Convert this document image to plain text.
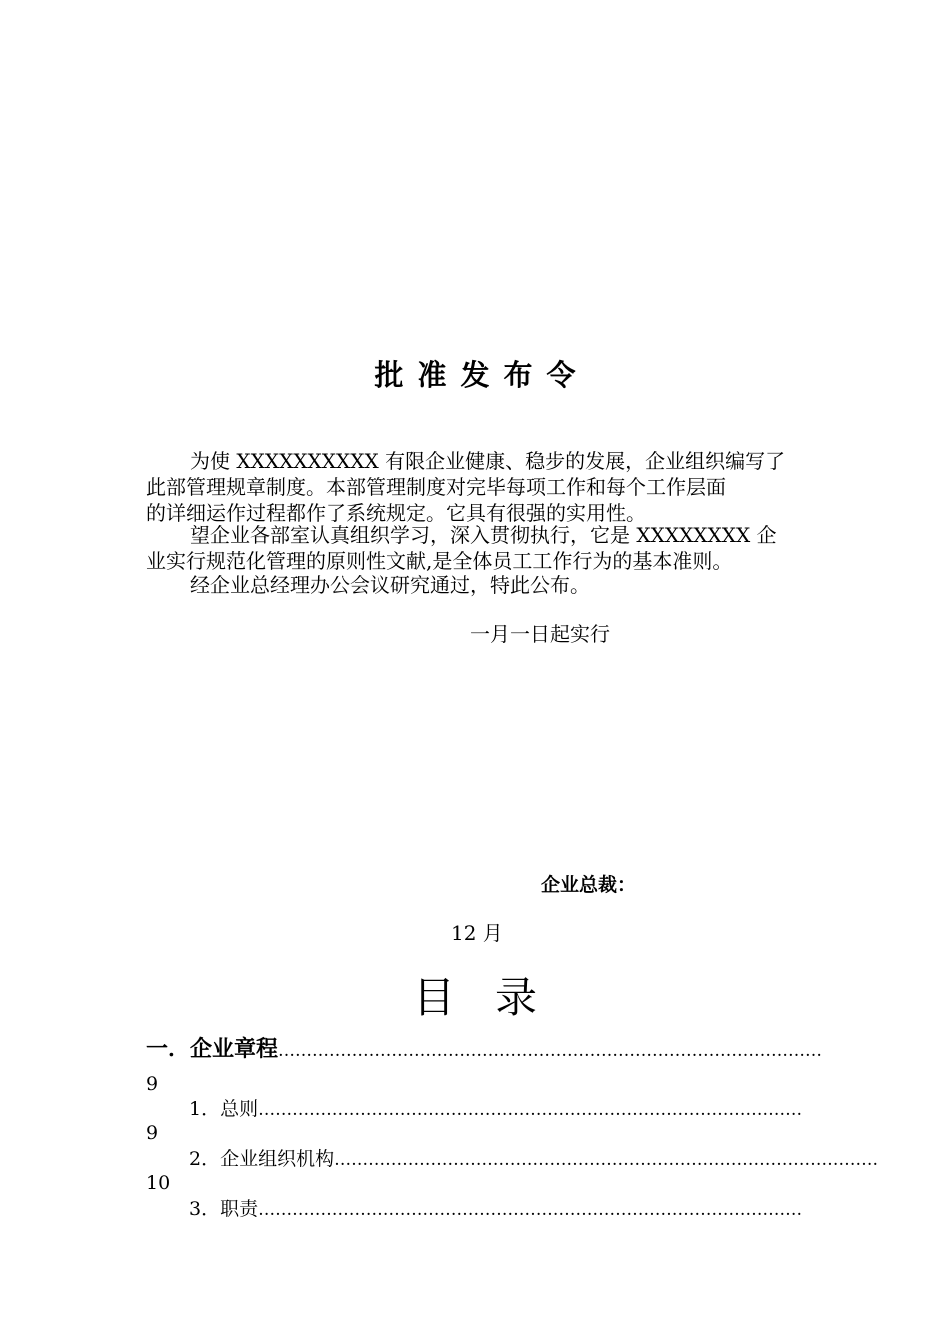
批准发布令
为使 XXXXXXXXXX 有限企业健康、稳步的发展，企业组织编写了
此部管理规章制度。本部管理制度对完毕每项工作和每个工作层面
的详细运作过程都作了系统规定。它具有很强的实用性。
望企业各部室认真组织学习，深入贯彻执行，它是 XXXXXXXX 企
业实行规范化管理的原则性文献,是全体员工工作行为的基本准则。
经企业总经理办公会议研究通过，特此公布。
一月一日起实行
企业总裁：
12 月
目录
一．企业章程 ……………………………………………………………………………………
9
1．总则 ……………………………………………………………………………………
9
2．企业组织机构 ……………………………………………………………………………………
10
3．职责 ……………………………………………………………………………………
